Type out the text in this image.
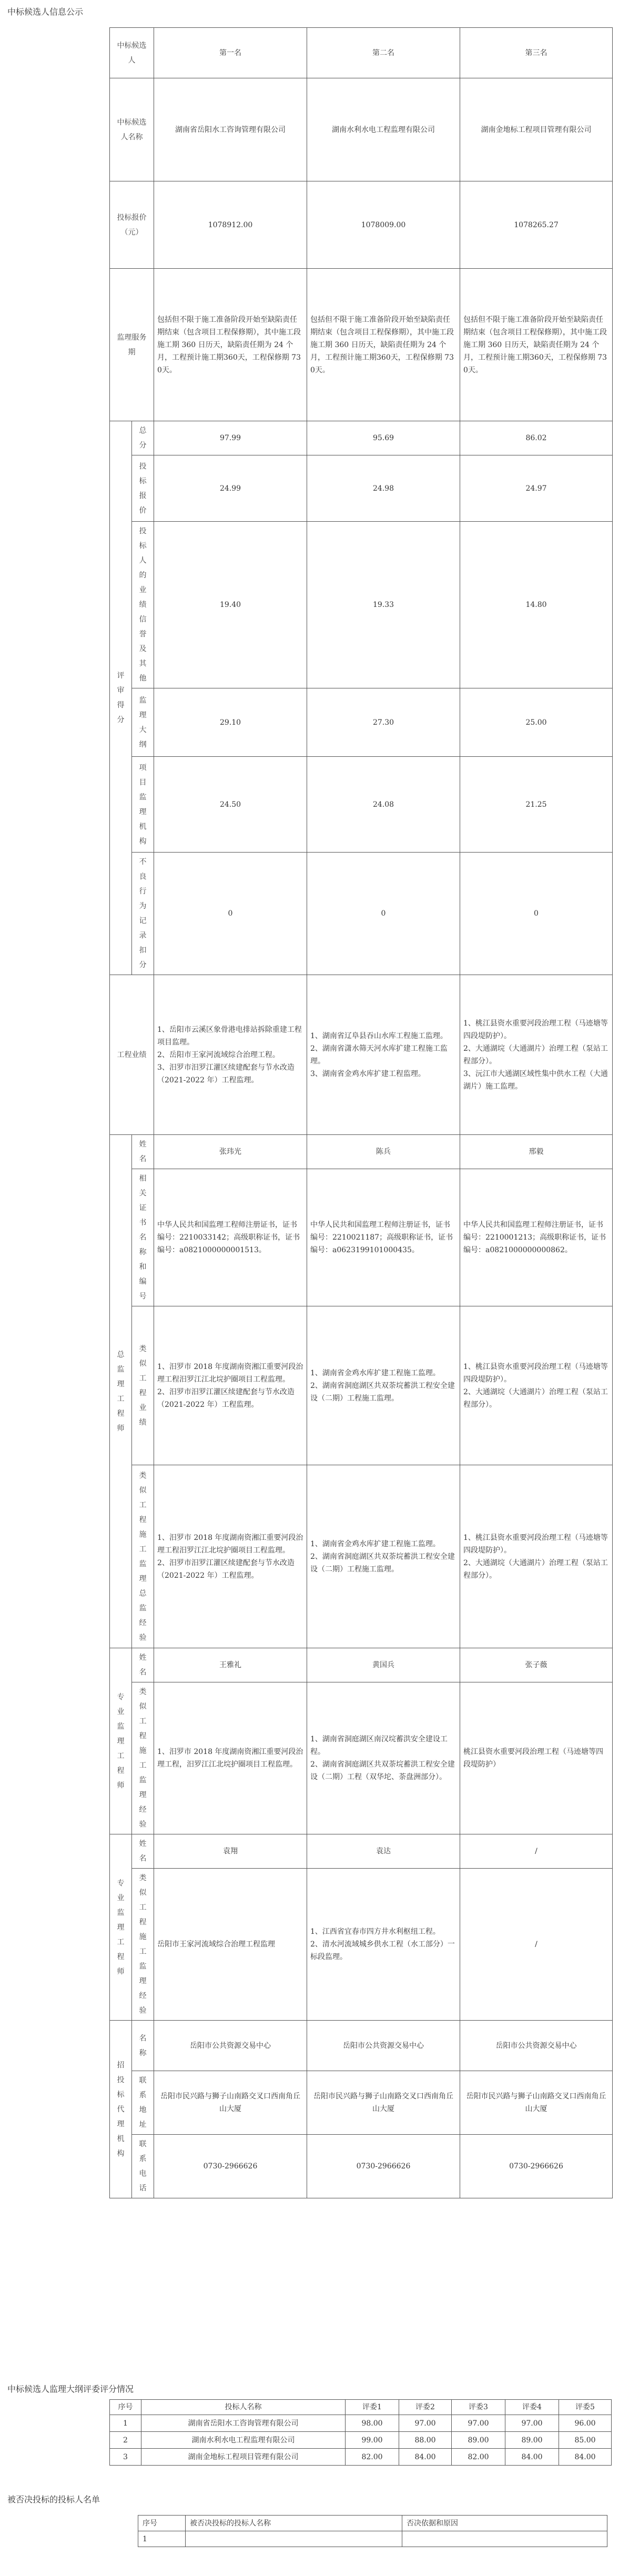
中标候选人信息公示
中标候选人		第一名	第二名	第三名
中标候选人名称		湖南省岳阳水工咨询管理有限公司	湖南水利水电工程监理有限公司	湖南金地标工程项目管理有限公司
投标报价（元）		1078912.00	1078009.00	1078265.27
监理服务期		包括但不限于施工准备阶段开始至缺陷责任期结束（包含项目工程保修期），其中施工段施工期 360 日历天，缺陷责任期为 24 个月，工程预计施工期360天，工程保修期 730天。	包括但不限于施工准备阶段开始至缺陷责任期结束（包含项目工程保修期），其中施工段施工期 360 日历天，缺陷责任期为 24 个月，工程预计施工期360天，工程保修期 730天。	包括但不限于施工准备阶段开始至缺陷责任期结束（包含项目工程保修期），其中施工段施工期 360 日历天，缺陷责任期为 24 个月，工程预计施工期360天，工程保修期 730天。
评审得分	总分	97.99	95.69	86.02
	投标报价	24.99	24.98	24.97
	投标人的业绩信誉及其他	19.40	19.33	14.80
	监理大纲	29.10	27.30	25.00
	项目监理机构	24.50	24.08	21.25
	不良行为记录扣分	0	0	0
工程业绩		1、岳阳市云溪区象骨港电排站拆除重建工程项目监理。
2、岳阳市王家河流域综合治理工程。
3、汨罗市汨罗江灌区续建配套与节水改造（2021-2022 年）工程监理。	1、湖南省辽阜县吞山水库工程施工监理。
2、湖南省潇水筛天河水库扩建工程施工监理。
3、湖南省金鸡水库扩建工程监理。	1、桃江县资水重要河段治理工程（马迹塘等四段堤防护）。
2、大通湖垸（大通湖片）治理工程（泵站工程部分）。
3、沅江市大通湖区域性集中供水工程（大通湖片）施工监理。
总监理工程师	姓名	张玮光	陈兵	邢毅
	相关证书名称和编号	中华人民共和国监理工程师注册证书，证书编号：2210033142；高级职称证书，证书编号：a0821000000001513。	中华人民共和国监理工程师注册证书，证书编号：2210021187；高级职称证书，证书编号：a0623199101000435。	中华人民共和国监理工程师注册证书，证书编号：2210001213；高级职称证书，证书编号：a0821000000000862。
	类似工程业绩	1、汨罗市 2018 年度湖南资湘江重要河段治理工程汨罗江江北垸护圈项目工程监理。
2、汨罗市汨罗江灌区续建配套与节水改造（2021-2022 年）工程监理。	1、湖南省金鸡水库扩建工程施工监理。
2、湖南省洞庭湖区共双荼垸蓄洪工程安全建设（二期）工程施工监理。	1、桃江县资水重要河段治理工程（马迹塘等四段堤防护）。
2、大通湖垸（大通湖片）治理工程（泵站工程部分）。
	类似工程施工监理总监经验	1、汨罗市 2018 年度湖南资湘江重要河段治理工程汨罗江江北垸护圈项目工程监理。
2、汨罗市汨罗江灌区续建配套与节水改造（2021-2022 年）工程监理。	1、湖南省金鸡水库扩建工程施工监理。
2、湖南省洞庭湖区共双荼垸蓄洪工程安全建设（二期）工程施工监理。	1、桃江县资水重要河段治理工程（马迹塘等四段堤防护）。
2、大通湖垸（大通湖片）治理工程（泵站工程部分）。
专业监理工程师	姓名	王雅礼	黄国兵	张子薇
	类似工程施工监理经验	1、汨罗市 2018 年度湖南资湘江重要河段治理工程，汨罗江江北垸护圈项目工程监理。	1、湖南省洞庭湖区南汉垸蓄洪安全建设工程。
2、湖南省洞庭湖区共双荼垸蓄洪工程安全建设（二期）工程（双华坨、荼盘洲部分）。	桃江县资水重要河段治理工程（马迹塘等四段堤防护）
专业监理工程师	姓名	袁翔	袁达	/
	类似工程施工监理经验	岳阳市王家河流域综合治理工程监理	1、江西省宜春市四方井水利枢纽工程。
2、清水河流域城乡供水工程（水工部分）一标段监理。	/
招投标代理机构	名称	岳阳市公共资源交易中心	岳阳市公共资源交易中心	岳阳市公共资源交易中心
	联系地址	岳阳市民兴路与狮子山南路交叉口西南角丘山大厦	岳阳市民兴路与狮子山南路交叉口西南角丘山大厦	岳阳市民兴路与狮子山南路交叉口西南角丘山大厦
	联系电话	0730-2966626	0730-2966626	0730-2966626
中标候选人监理大纲评委评分情况
序号	投标人名称	评委1	评委2	评委3	评委4	评委5
1	湖南省岳阳水工咨询管理有限公司	98.00	97.00	97.00	97.00	96.00
2	湖南水利水电工程监理有限公司	99.00	88.00	89.00	89.00	85.00
3	湖南金地标工程项目管理有限公司	82.00	84.00	82.00	84.00	84.00
被否决投标的投标人名单
序号	被否决投标的投标人名称	否决依据和原因
1		
